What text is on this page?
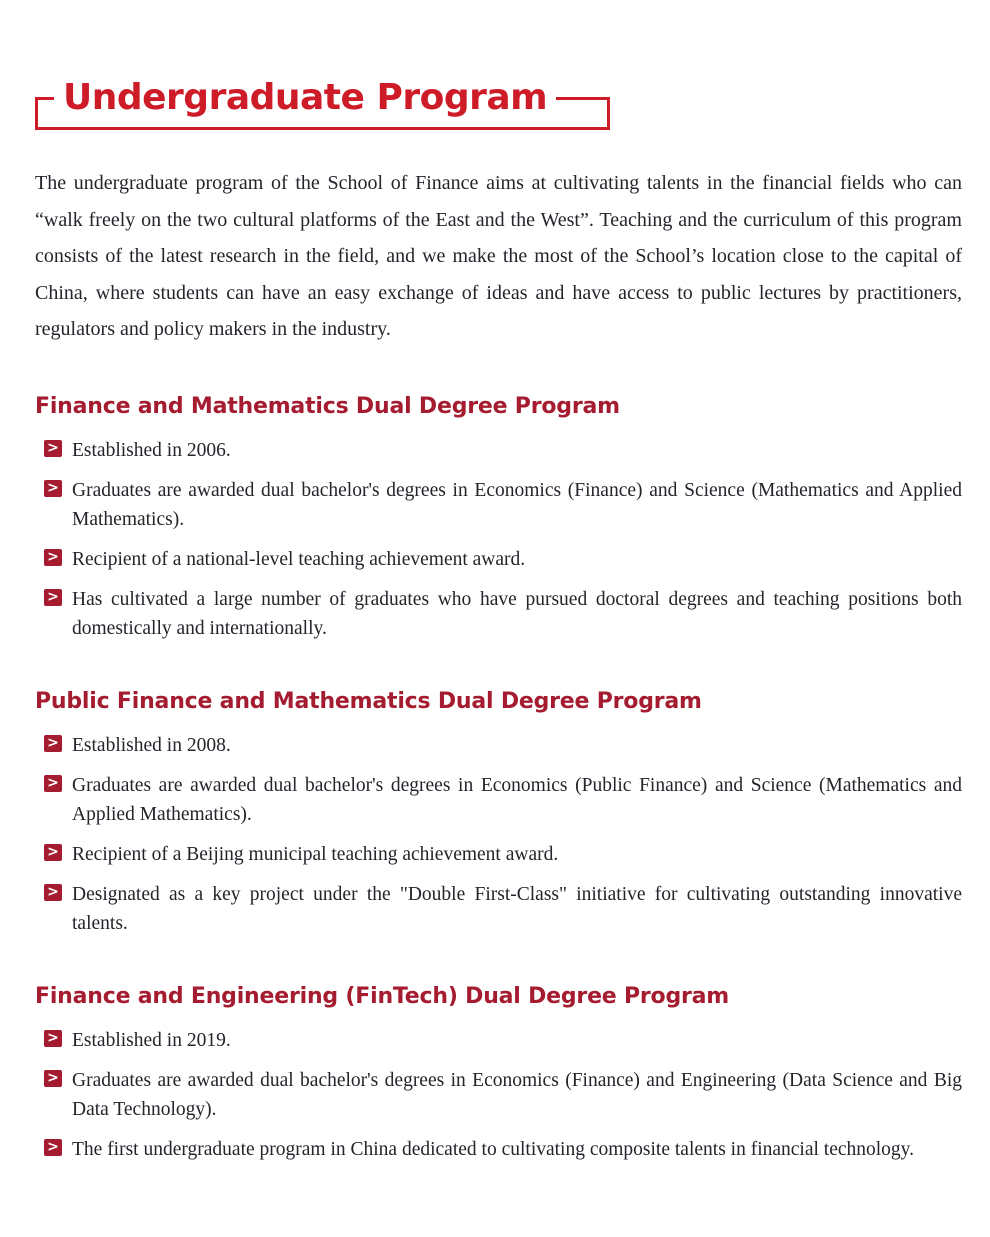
Undergraduate Program

The undergraduate program of the School of Finance aims at cultivating talents in the financial fields who can “walk freely on the two cultural platforms of the East and the West”. Teaching and the curriculum of this program consists of the latest research in the field, and we make the most of the School’s location close to the capital of China, where students can have an easy exchange of ideas and have access to public lectures by practitioners, regulators and policy makers in the industry.

Finance and Mathematics Dual Degree Program
> Established in 2006.
> Graduates are awarded dual bachelor's degrees in Economics (Finance) and Science (Mathematics and Applied Mathematics).
> Recipient of a national-level teaching achievement award.
> Has cultivated a large number of graduates who have pursued doctoral degrees and teaching positions both domestically and internationally.
Public Finance and Mathematics Dual Degree Program
> Established in 2008.
> Graduates are awarded dual bachelor's degrees in Economics (Public Finance) and Science (Mathematics and Applied Mathematics).
> Recipient of a Beijing municipal teaching achievement award.
> Designated as a key project under the "Double First-Class" initiative for cultivating outstanding innovative talents.
Finance and Engineering (FinTech) Dual Degree Program
> Established in 2019.
> Graduates are awarded dual bachelor's degrees in Economics (Finance) and Engineering (Data Science and Big Data Technology).
> The first undergraduate program in China dedicated to cultivating composite talents in financial technology.
